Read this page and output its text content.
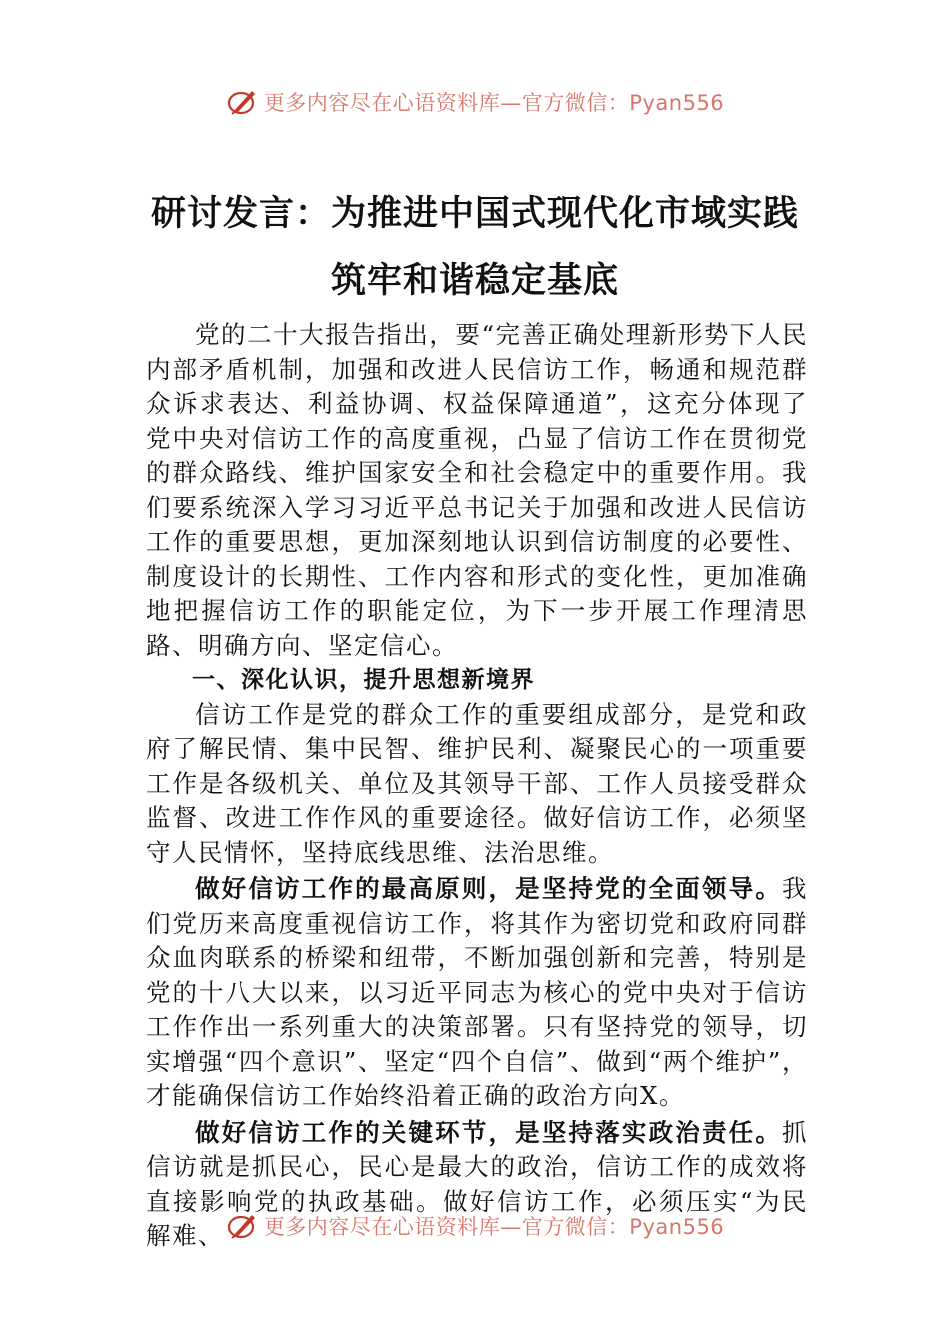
更多内容尽在心语资料库—官方微信：Pyan556
研讨发言：为推进中国式现代化市域实践
筑牢和谐稳定基底

党的二十大报告指出，要“完善正确处理新形势下人民内部矛盾机制，加强和改进人民信访工作，畅通和规范群众诉求表达、利益协调、权益保障通道”，这充分体现了党中央对信访工作的高度重视，凸显了信访工作在贯彻党的群众路线、维护国家安全和社会稳定中的重要作用。我们要系统深入学习习近平总书记关于加强和改进人民信访工作的重要思想，更加深刻地认识到信访制度的必要性、制度设计的长期性、工作内容和形式的变化性，更加准确地把握信访工作的职能定位，为下一步开展工作理清思路、明确方向、坚定信心。

一、深化认识，提升思想新境界

信访工作是党的群众工作的重要组成部分，是党和政府了解民情、集中民智、维护民利、凝聚民心的一项重要工作是各级机关、单位及其领导干部、工作人员接受群众监督、改进工作作风的重要途径。做好信访工作，必须坚守人民情怀，坚持底线思维、法治思维。

做好信访工作的最高原则，是坚持党的全面领导。我们党历来高度重视信访工作，将其作为密切党和政府同群众血肉联系的桥梁和纽带，不断加强创新和完善，特别是党的十八大以来，以习近平同志为核心的党中央对于信访工作作出一系列重大的决策部署。只有坚持党的领导，切实增强“四个意识”、坚定“四个自信”、做到“两个维护”，才能确保信访工作始终沿着正确的政治方向X。

做好信访工作的关键环节，是坚持落实政治责任。抓信访就是抓民心，民心是最大的政治，信访工作的成效将直接影响党的执政基础。做好信访工作，必须压实“为民解难、	更多内容尽在心语资料库—官方微信：Pyan556
